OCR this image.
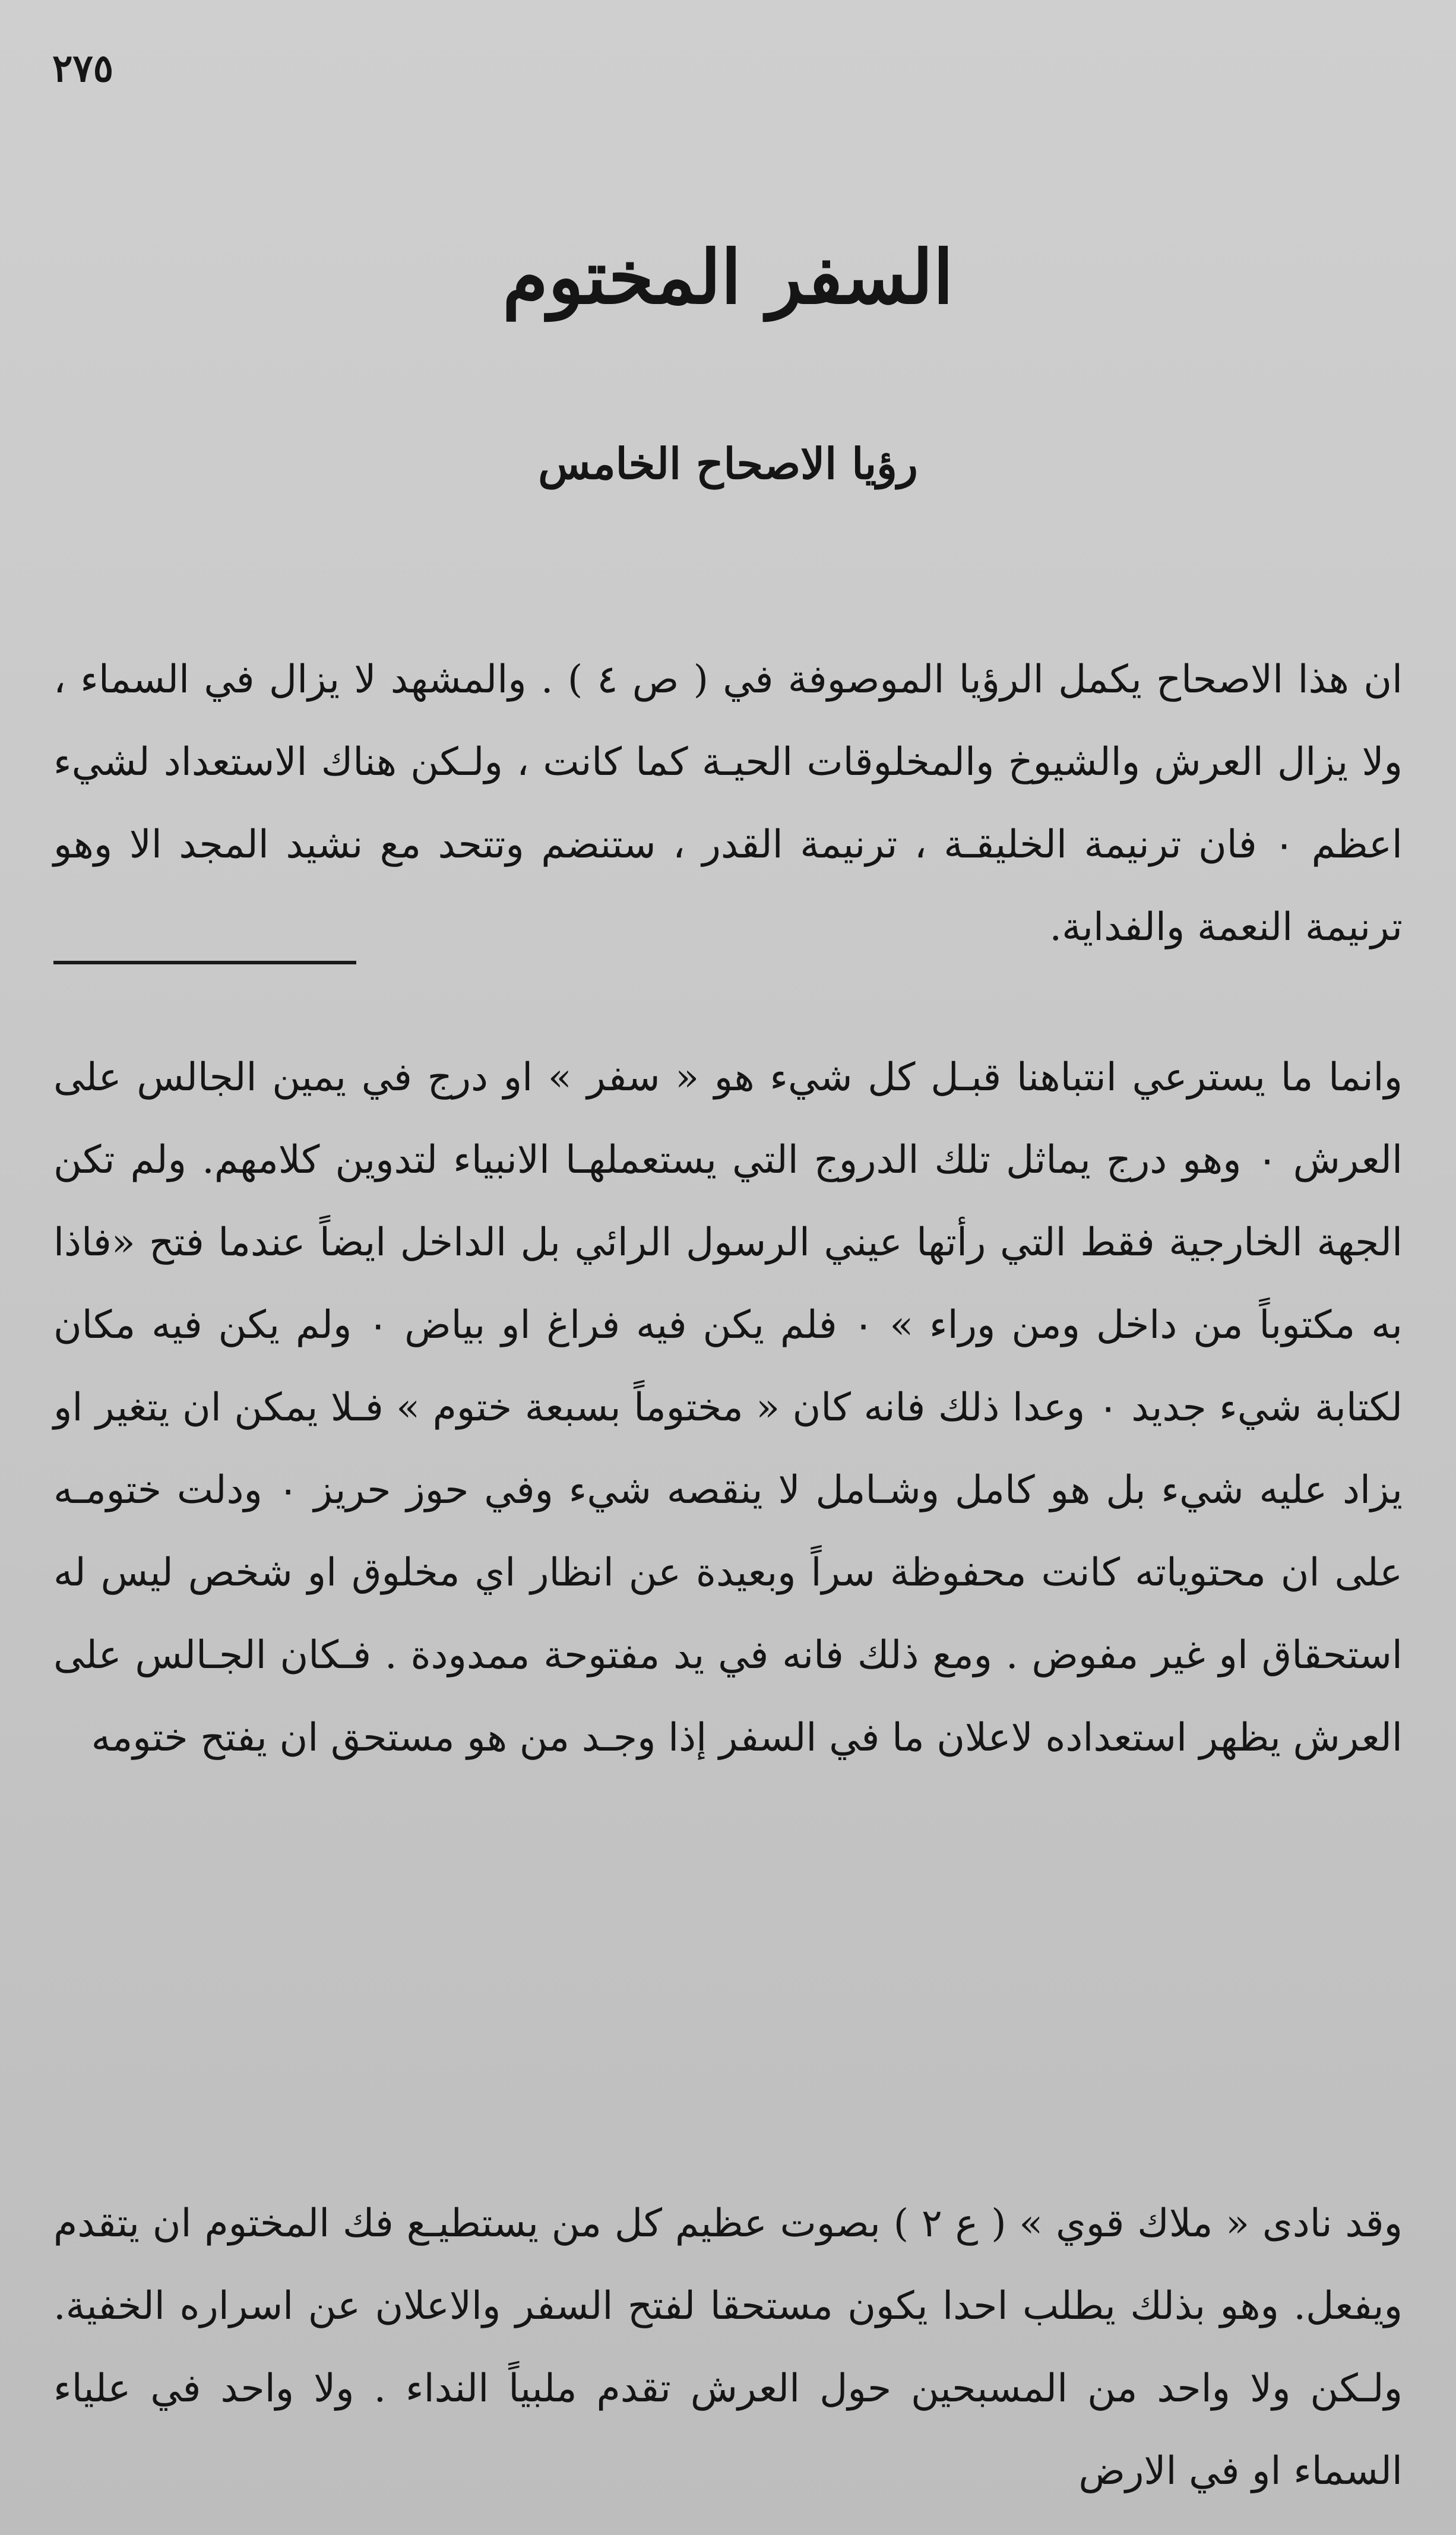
٢٧٥
السفر المختوم
رؤيا الاصحاح الخامس

ان هذا الاصحاح يكمل الرؤيا الموصوفة في ( ص ٤ ) . والمشهد لا يزال في السماء ، ولا يزال العرش والشيوخ والمخلوقات الحيـة كما كانت ، ولـكن هناك الاستعداد لشيء اعظم ٠ فان ترنيمة الخليقـة ، ترنيمة القدر ، ستنضم وتتحد مع نشيد المجد الا وهو ترنيمة النعمة والفداية.

وانما ما يسترعي انتباهنا قبـل كل شيء هو « سفر » او درج في يمين الجالس على العرش ٠ وهو درج يماثل تلك الدروج التي يستعملهـا الانبياء لتدوين كلامهم. ولم تكن الجهة الخارجية فقط التي رأتها عيني الرسول الرائي بل الداخل ايضاً عندما فتح «فاذا به مكتوباً من داخل ومن وراء » ٠ فلم يكن فيه فراغ او بياض ٠ ولم يكن فيه مكان لكتابة شيء جديد ٠ وعدا ذلك فانه كان « مختوماً بسبعة ختوم » فـلا يمكن ان يتغير او يزاد عليه شيء بل هو كامل وشـامل لا ينقصه شيء وفي حوز حريز ٠ ودلت ختومـه على ان محتوياته كانت محفوظة سراً وبعيدة عن انظار اي مخلوق او شخص ليس له استحقاق او غير مفوض . ومع ذلك فانه في يد مفتوحة ممدودة . فـكان الجـالس على العرش يظهر استعداده لاعلان ما في السفر إذا وجـد من هو مستحق ان يفتح ختومه

وقد نادى « ملاك قوي » ( ع ٢ ) بصوت عظيم كل من يستطيـع فك المختوم ان يتقدم ويفعل. وهو بذلك يطلب احدا يكون مستحقا لفتح السفر والاعلان عن اسراره الخفية. ولـكن ولا واحد من المسبحين حول العرش تقدم ملبياً النداء . ولا واحد في علياء السماء او في الارض
